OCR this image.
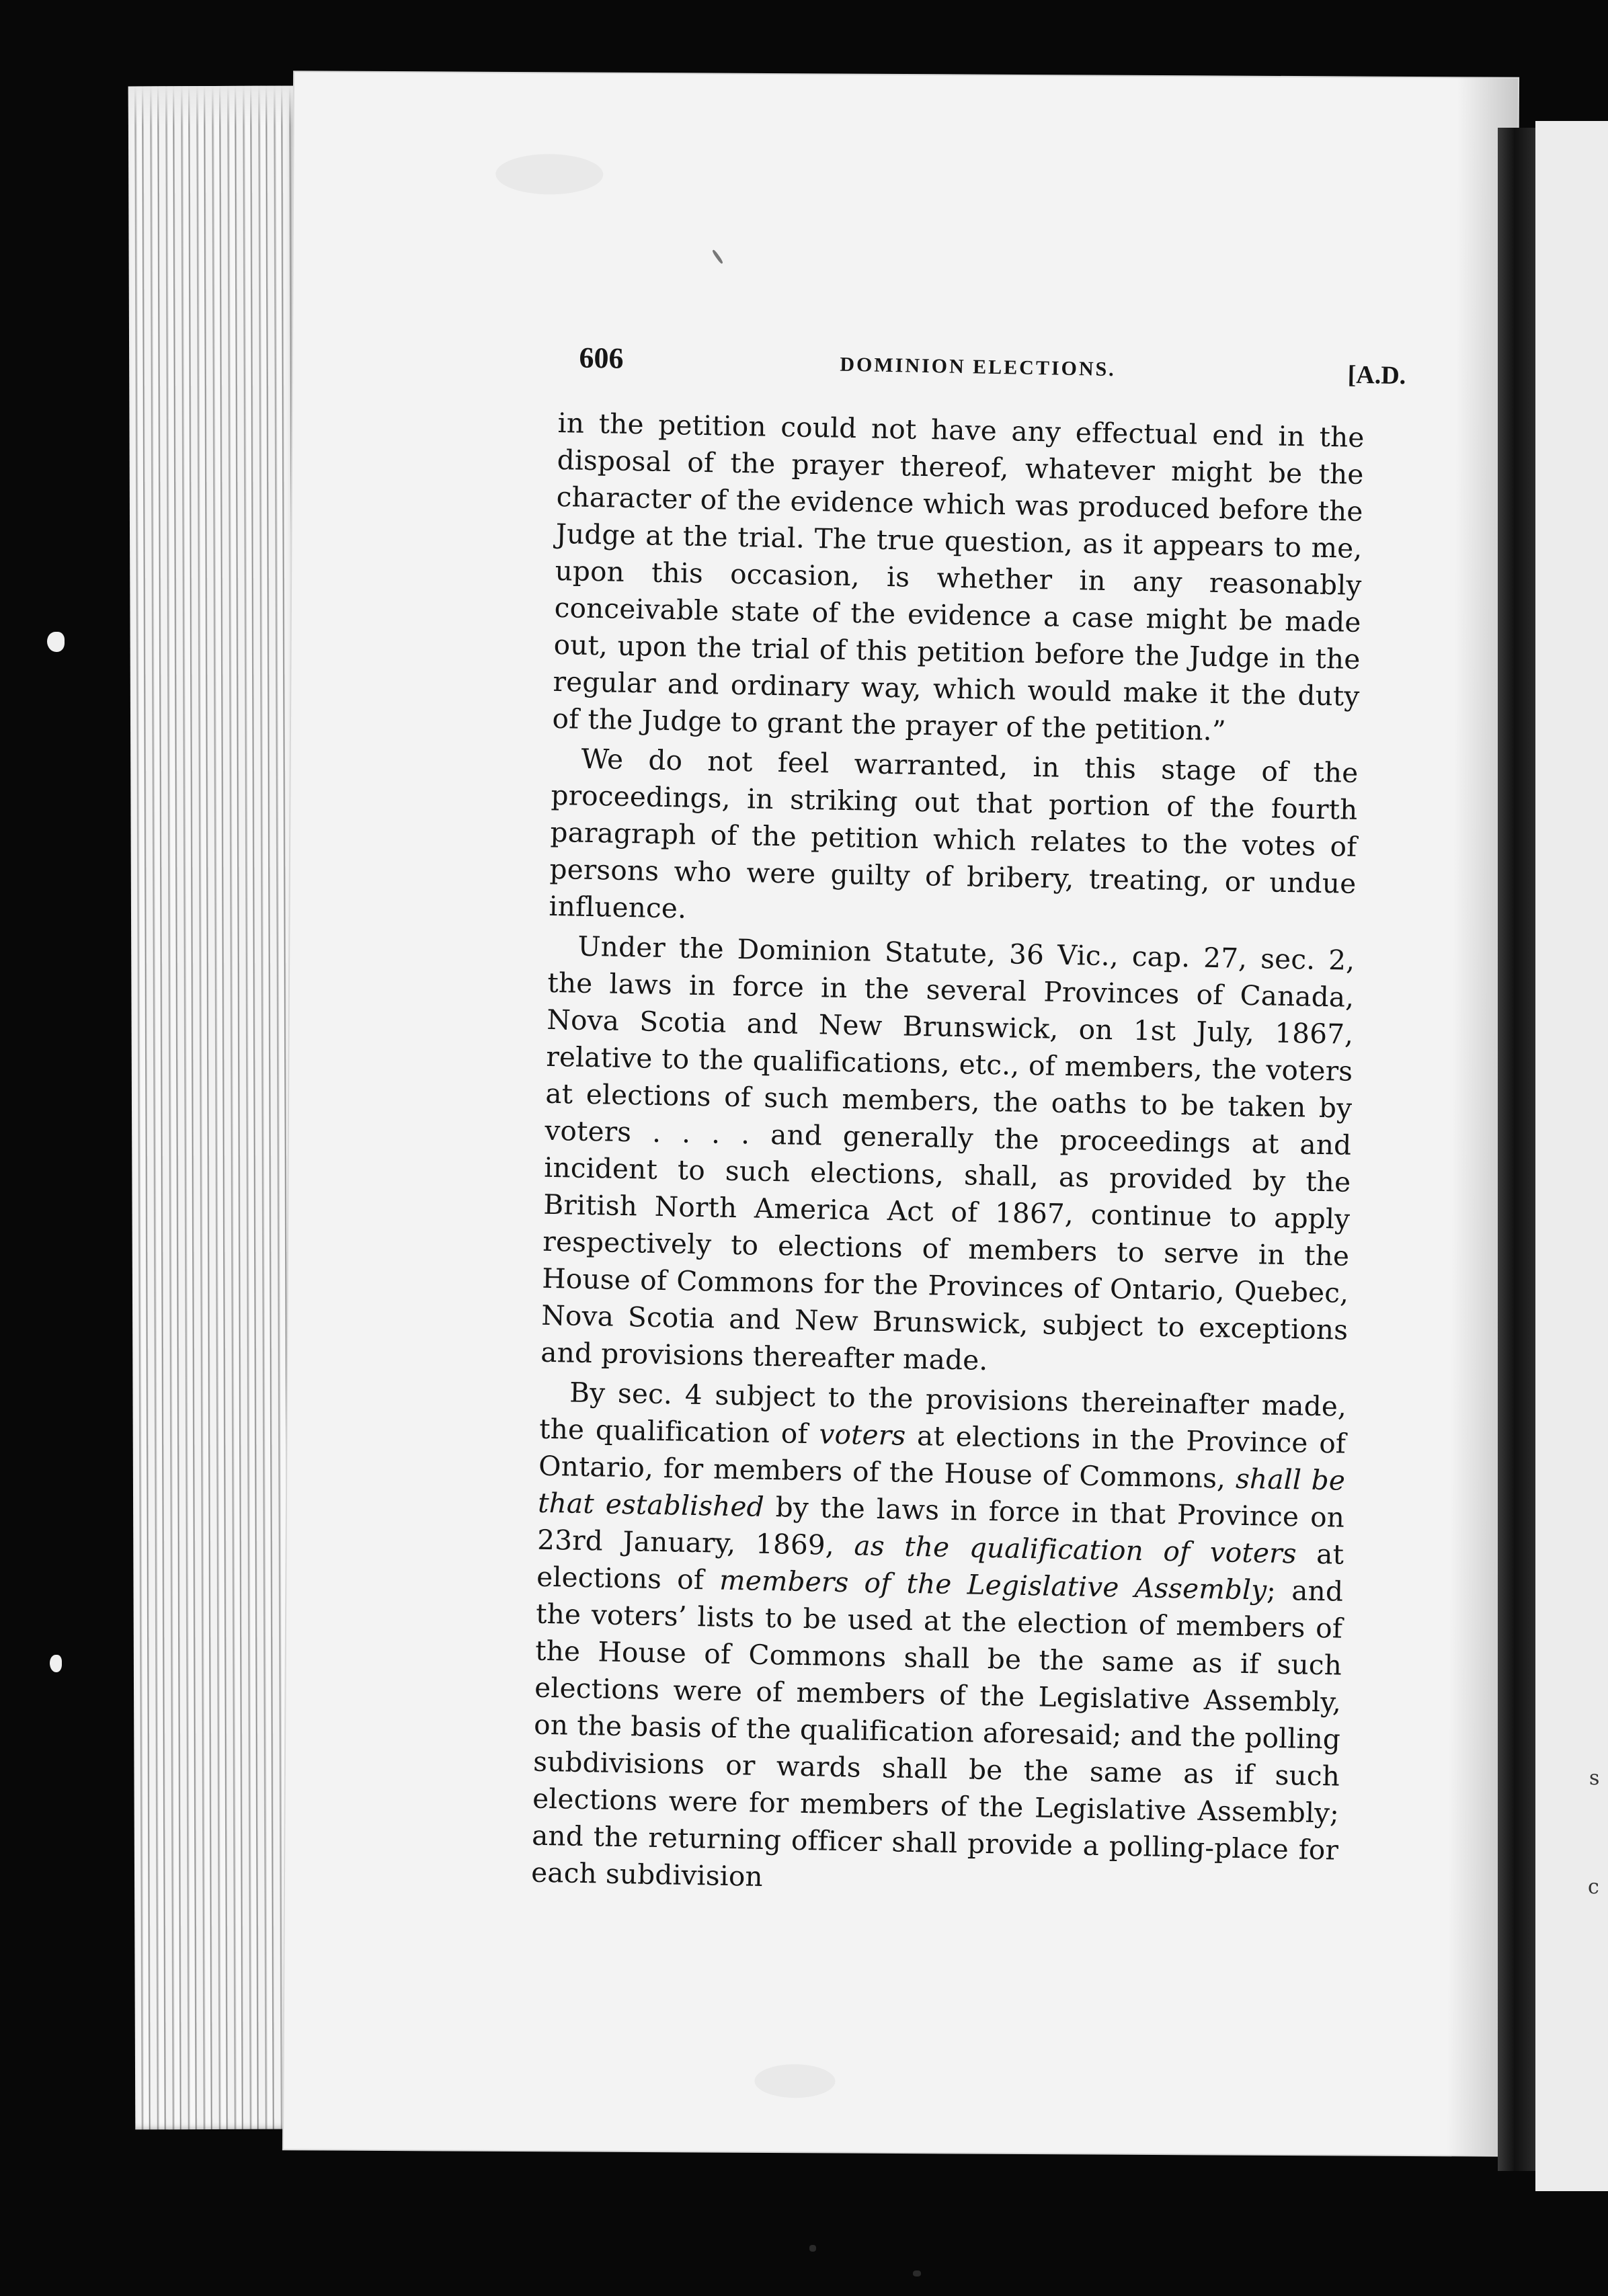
s
c
606	DOMINION ELECTIONS.	[A.D.

in the petition could not have any effectual end in the disposal of the prayer thereof, whatever might be the character of the evidence which was produced before the Judge at the trial. The true question, as it appears to me, upon this occasion, is whether in any reasonably conceivable state of the evidence a case might be made out, upon the trial of this petition before the Judge in the regular and ordinary way, which would make it the duty of the Judge to grant the prayer of the petition.”

We do not feel warranted, in this stage of the proceedings, in striking out that portion of the fourth paragraph of the petition which relates to the votes of persons who were guilty of bribery, treating, or undue influence.

Under the Dominion Statute, 36 Vic., cap. 27, sec. 2, the laws in force in the several Provinces of Canada, Nova Scotia and New Brunswick, on 1st July, 1867, relative to the qualifications, etc., of members, the voters at elections of such members, the oaths to be taken by voters . . . . and generally the proceedings at and incident to such elections, shall, as provided by the British North America Act of 1867, continue to apply respectively to elections of members to serve in the House of Commons for the Provinces of Ontario, Quebec, Nova Scotia and New Brunswick, subject to exceptions and provisions thereafter made.

By sec. 4 subject to the provisions thereinafter made, the qualification of voters at elections in the Province of Ontario, for members of the House of Commons, shall be that established by the laws in force in that Province on 23rd January, 1869, as the qualification of voters at elections of members of the Legislative Assembly; and the voters’ lists to be used at the election of members of the House of Commons shall be the same as if such elections were of members of the Legislative Assembly, on the basis of the qualification aforesaid; and the polling subdivisions or wards shall be the same as if such elections were for members of the Legislative Assembly; and the returning officer shall provide a polling-place for each subdivision
